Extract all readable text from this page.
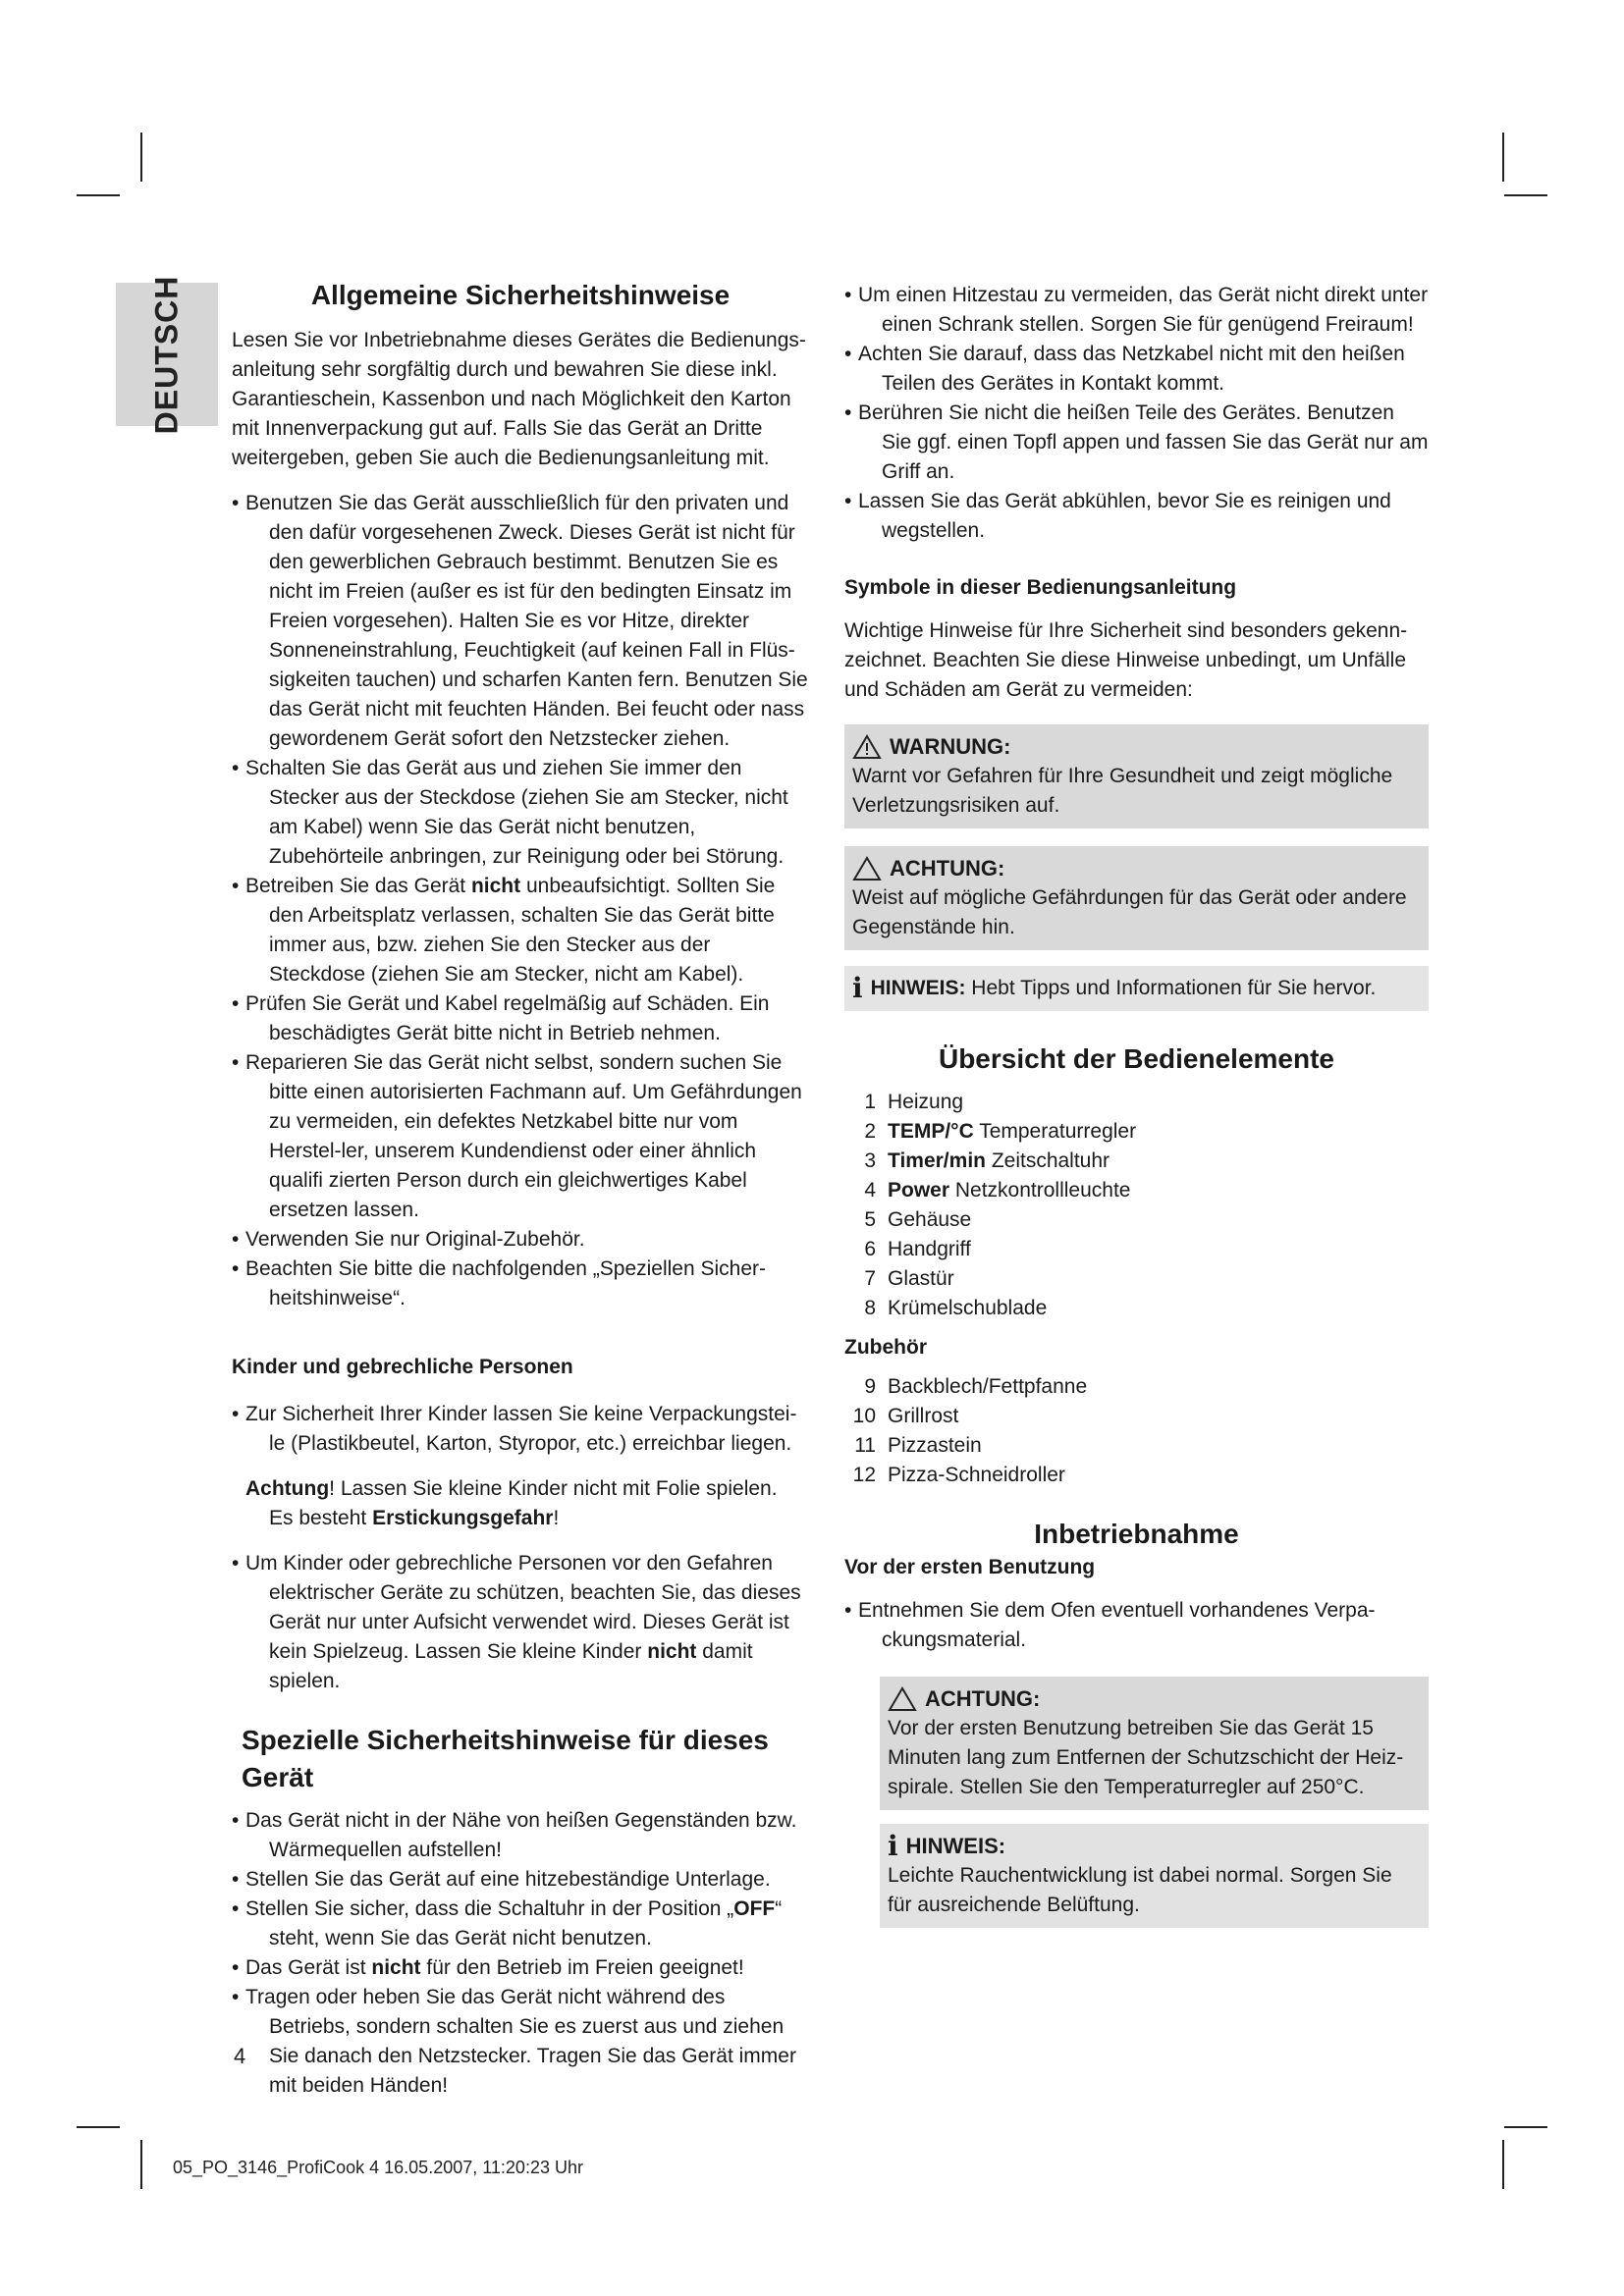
DEUTSCH	Allgemeine Sicherheitshinweise

Lesen Sie vor Inbetriebnahme dieses Gerätes die Bedienungs-anleitung sehr sorgfältig durch und bewahren Sie diese inkl. Garantieschein, Kassenbon und nach Möglichkeit den Karton mit Innenverpackung gut auf. Falls Sie das Gerät an Dritte weitergeben, geben Sie auch die Bedienungsanleitung mit.

• Benutzen Sie das Gerät ausschließlich für den privaten und den dafür vorgesehenen Zweck. Dieses Gerät ist nicht für den gewerblichen Gebrauch bestimmt. Benutzen Sie es nicht im Freien (außer es ist für den bedingten Einsatz im Freien vorgesehen). Halten Sie es vor Hitze, direkter Sonneneinstrahlung, Feuchtigkeit (auf keinen Fall in Flüs-sigkeiten tauchen) und scharfen Kanten fern. Benutzen Sie das Gerät nicht mit feuchten Händen. Bei feucht oder nass gewordenem Gerät sofort den Netzstecker ziehen.
• Schalten Sie das Gerät aus und ziehen Sie immer den Stecker aus der Steckdose (ziehen Sie am Stecker, nicht am Kabel) wenn Sie das Gerät nicht benutzen, Zubehörteile anbringen, zur Reinigung oder bei Störung.
• Betreiben Sie das Gerät nicht unbeaufsichtigt. Sollten Sie den Arbeitsplatz verlassen, schalten Sie das Gerät bitte immer aus, bzw. ziehen Sie den Stecker aus der Steckdose (ziehen Sie am Stecker, nicht am Kabel).
• Prüfen Sie Gerät und Kabel regelmäßig auf Schäden. Ein beschädigtes Gerät bitte nicht in Betrieb nehmen.
• Reparieren Sie das Gerät nicht selbst, sondern suchen Sie bitte einen autorisierten Fachmann auf. Um Gefährdungen zu vermeiden, ein defektes Netzkabel bitte nur vom Herstel-ler, unserem Kundendienst oder einer ähnlich qualifi zierten Person durch ein gleichwertiges Kabel ersetzen lassen.
• Verwenden Sie nur Original-Zubehör.
• Beachten Sie bitte die nachfolgenden „Speziellen Sicher-heitshinweise“.
Kinder und gebrechliche Personen
• Zur Sicherheit Ihrer Kinder lassen Sie keine Verpackungstei-le (Plastikbeutel, Karton, Styropor, etc.) erreichbar liegen.

Achtung! Lassen Sie kleine Kinder nicht mit Folie spielen.
Es besteht Erstickungsgefahr!

• Um Kinder oder gebrechliche Personen vor den Gefahren elektrischer Geräte zu schützen, beachten Sie, das dieses Gerät nur unter Aufsicht verwendet wird. Dieses Gerät ist kein Spielzeug. Lassen Sie kleine Kinder nicht damit spielen.
Spezielle Sicherheitshinweise für dieses Gerät
• Das Gerät nicht in der Nähe von heißen Gegenständen bzw. Wärmequellen aufstellen!
• Stellen Sie das Gerät auf eine hitzebeständige Unterlage.
• Stellen Sie sicher, dass die Schaltuhr in der Position „OFF“ steht, wenn Sie das Gerät nicht benutzen.
• Das Gerät ist nicht für den Betrieb im Freien geeignet!
• Tragen oder heben Sie das Gerät nicht während des Betriebs, sondern schalten Sie es zuerst aus und ziehen Sie danach den Netzstecker. Tragen Sie das Gerät immer mit beiden Händen!
• Um einen Hitzestau zu vermeiden, das Gerät nicht direkt unter einen Schrank stellen. Sorgen Sie für genügend Freiraum!
• Achten Sie darauf, dass das Netzkabel nicht mit den heißen Teilen des Gerätes in Kontakt kommt.
• Berühren Sie nicht die heißen Teile des Gerätes. Benutzen Sie ggf. einen Topfl appen und fassen Sie das Gerät nur am Griff an.
• Lassen Sie das Gerät abkühlen, bevor Sie es reinigen und wegstellen.
Symbole in dieser Bedienungsanleitung

Wichtige Hinweise für Ihre Sicherheit sind besonders gekenn-zeichnet. Beachten Sie diese Hinweise unbedingt, um Unfälle und Schäden am Gerät zu vermeiden:

WARNUNG:

Warnt vor Gefahren für Ihre Gesundheit und zeigt mögliche Verletzungsrisiken auf.

ACHTUNG:

Weist auf mögliche Gefährdungen für das Gerät oder andere Gegenstände hin.

i HINWEIS: Hebt Tipps und Informationen für Sie hervor.
Übersicht der Bedienelemente
1 Heizung
2 TEMP/°C Temperaturregler
3 Timer/min Zeitschaltuhr
4 Power Netzkontrollleuchte
5 Gehäuse
6 Handgriff
7 Glastür
8 Krümelschublade
Zubehör
9 Backblech/Fettpfanne
10 Grillrost
11 Pizzastein
12 Pizza-Schneidroller
Inbetriebnahme
Vor der ersten Benutzung
• Entnehmen Sie dem Ofen eventuell vorhandenes Verpa-ckungsmaterial.
ACHTUNG:

Vor der ersten Benutzung betreiben Sie das Gerät 15 Minuten lang zum Entfernen der Schutzschicht der Heiz-spirale. Stellen Sie den Temperaturregler auf 250°C.

i HINWEIS:

Leichte Rauchentwicklung ist dabei normal. Sorgen Sie für ausreichende Belüftung.

4
05_PO_3146_ProfiCook 4 16.05.2007, 11:20:23 Uhr
